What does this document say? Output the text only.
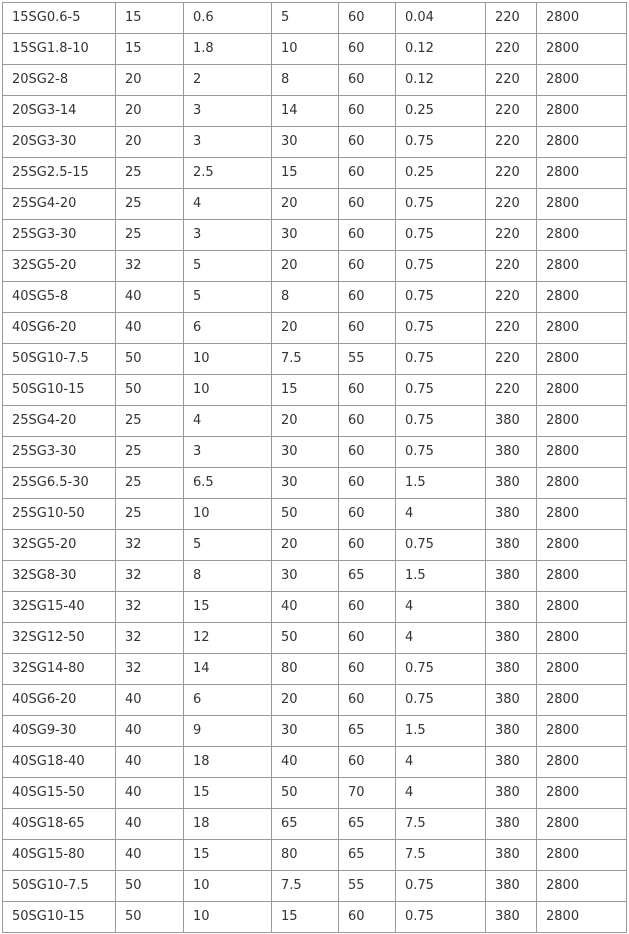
15SG0.6-5	15	0.6	5	60	0.04	220	2800
15SG1.8-10	15	1.8	10	60	0.12	220	2800
20SG2-8	20	2	8	60	0.12	220	2800
20SG3-14	20	3	14	60	0.25	220	2800
20SG3-30	20	3	30	60	0.75	220	2800
25SG2.5-15	25	2.5	15	60	0.25	220	2800
25SG4-20	25	4	20	60	0.75	220	2800
25SG3-30	25	3	30	60	0.75	220	2800
32SG5-20	32	5	20	60	0.75	220	2800
40SG5-8	40	5	8	60	0.75	220	2800
40SG6-20	40	6	20	60	0.75	220	2800
50SG10-7.5	50	10	7.5	55	0.75	220	2800
50SG10-15	50	10	15	60	0.75	220	2800
25SG4-20	25	4	20	60	0.75	380	2800
25SG3-30	25	3	30	60	0.75	380	2800
25SG6.5-30	25	6.5	30	60	1.5	380	2800
25SG10-50	25	10	50	60	4	380	2800
32SG5-20	32	5	20	60	0.75	380	2800
32SG8-30	32	8	30	65	1.5	380	2800
32SG15-40	32	15	40	60	4	380	2800
32SG12-50	32	12	50	60	4	380	2800
32SG14-80	32	14	80	60	0.75	380	2800
40SG6-20	40	6	20	60	0.75	380	2800
40SG9-30	40	9	30	65	1.5	380	2800
40SG18-40	40	18	40	60	4	380	2800
40SG15-50	40	15	50	70	4	380	2800
40SG18-65	40	18	65	65	7.5	380	2800
40SG15-80	40	15	80	65	7.5	380	2800
50SG10-7.5	50	10	7.5	55	0.75	380	2800
50SG10-15	50	10	15	60	0.75	380	2800
